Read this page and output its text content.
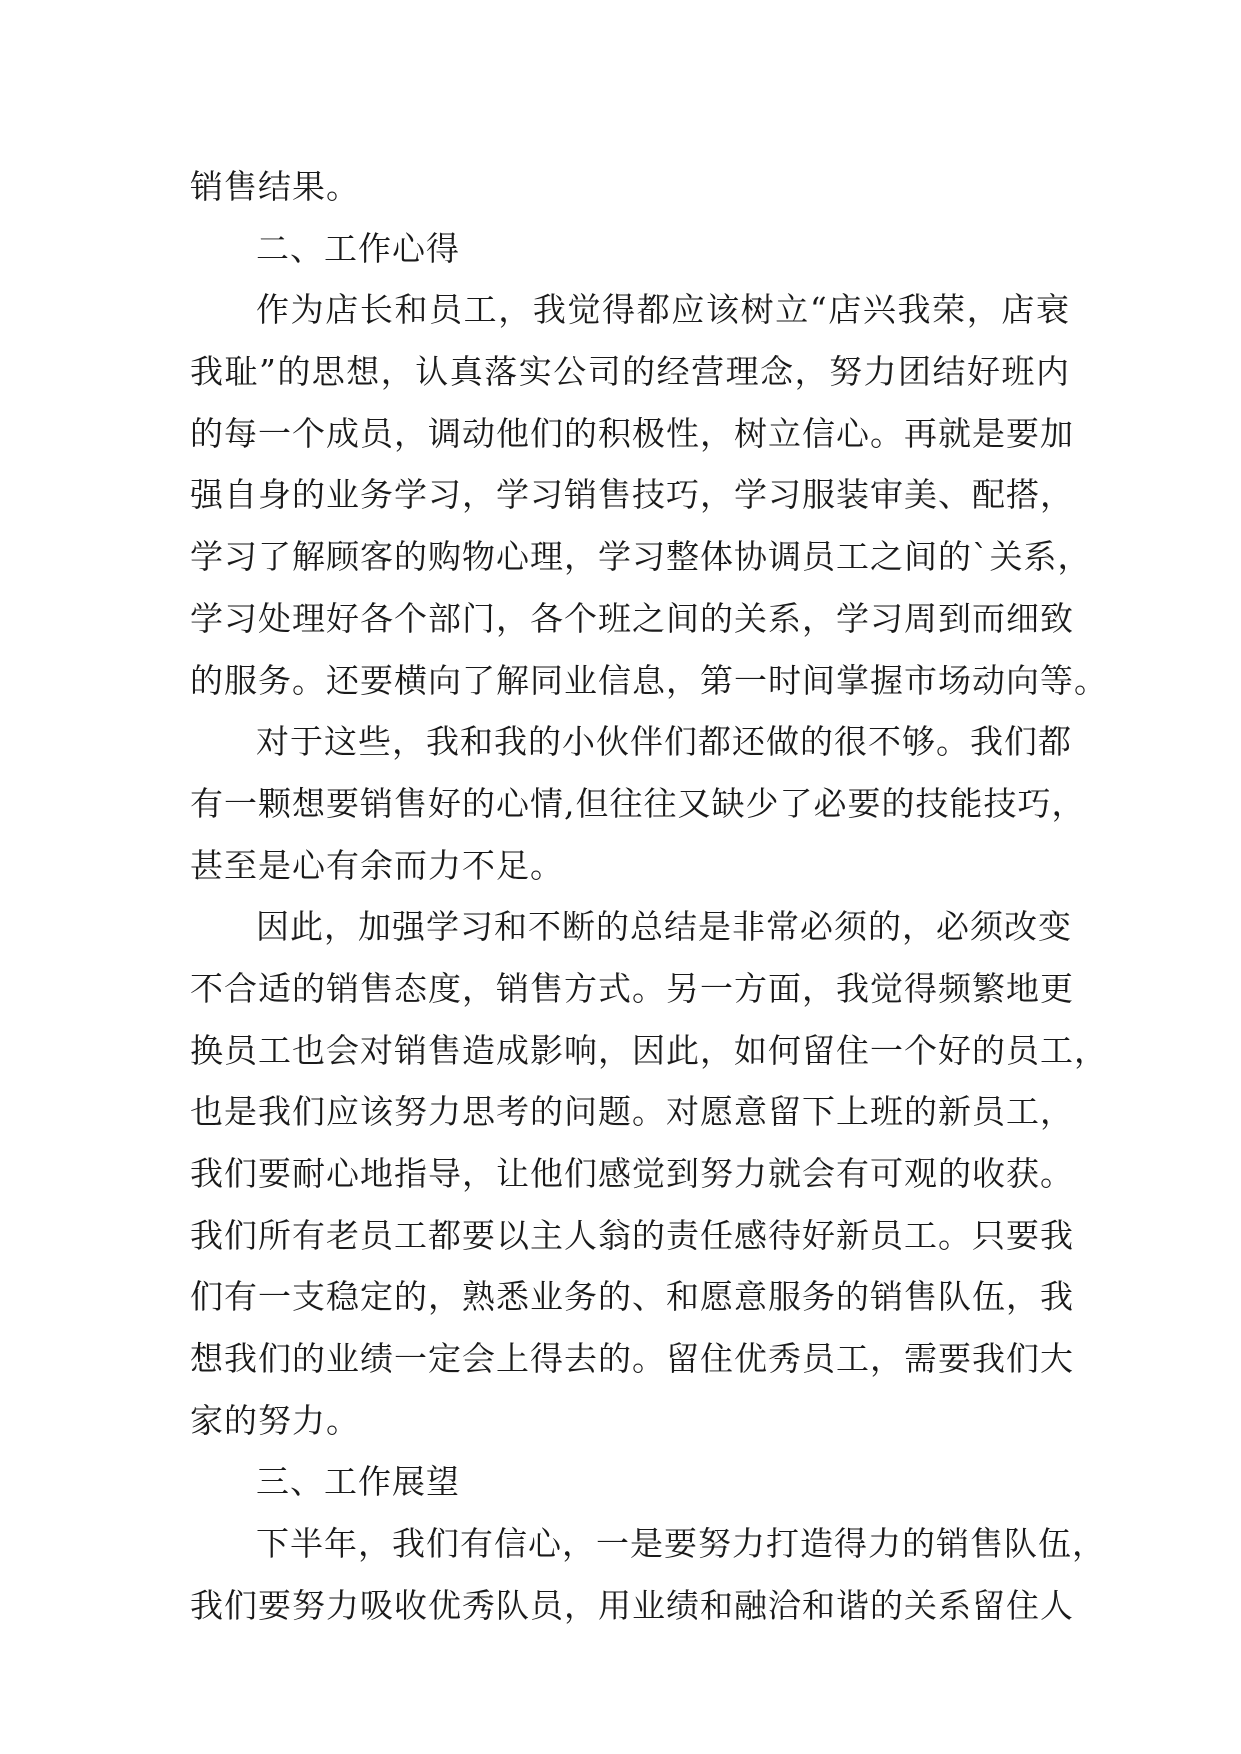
销售结果。
二、工作心得
作为店长和员工，我觉得都应该树立“店兴我荣，店衰
我耻”的思想，认真落实公司的经营理念，努力团结好班内
的每一个成员，调动他们的积极性，树立信心。再就是要加
强自身的业务学习，学习销售技巧，学习服装审美、配搭，
学习了解顾客的购物心理，学习整体协调员工之间的`关系，
学习处理好各个部门，各个班之间的关系，学习周到而细致
的服务。还要横向了解同业信息，第一时间掌握市场动向等。
对于这些，我和我的小伙伴们都还做的很不够。我们都
有一颗想要销售好的心情,但往往又缺少了必要的技能技巧，
甚至是心有余而力不足。
因此，加强学习和不断的总结是非常必须的，必须改变
不合适的销售态度，销售方式。另一方面，我觉得频繁地更
换员工也会对销售造成影响，因此，如何留住一个好的员工，
也是我们应该努力思考的问题。对愿意留下上班的新员工，
我们要耐心地指导，让他们感觉到努力就会有可观的收获。
我们所有老员工都要以主人翁的责任感待好新员工。只要我
们有一支稳定的，熟悉业务的、和愿意服务的销售队伍，我
想我们的业绩一定会上得去的。留住优秀员工，需要我们大
家的努力。
三、工作展望
下半年，我们有信心，一是要努力打造得力的销售队伍，
我们要努力吸收优秀队员，用业绩和融洽和谐的关系留住人
